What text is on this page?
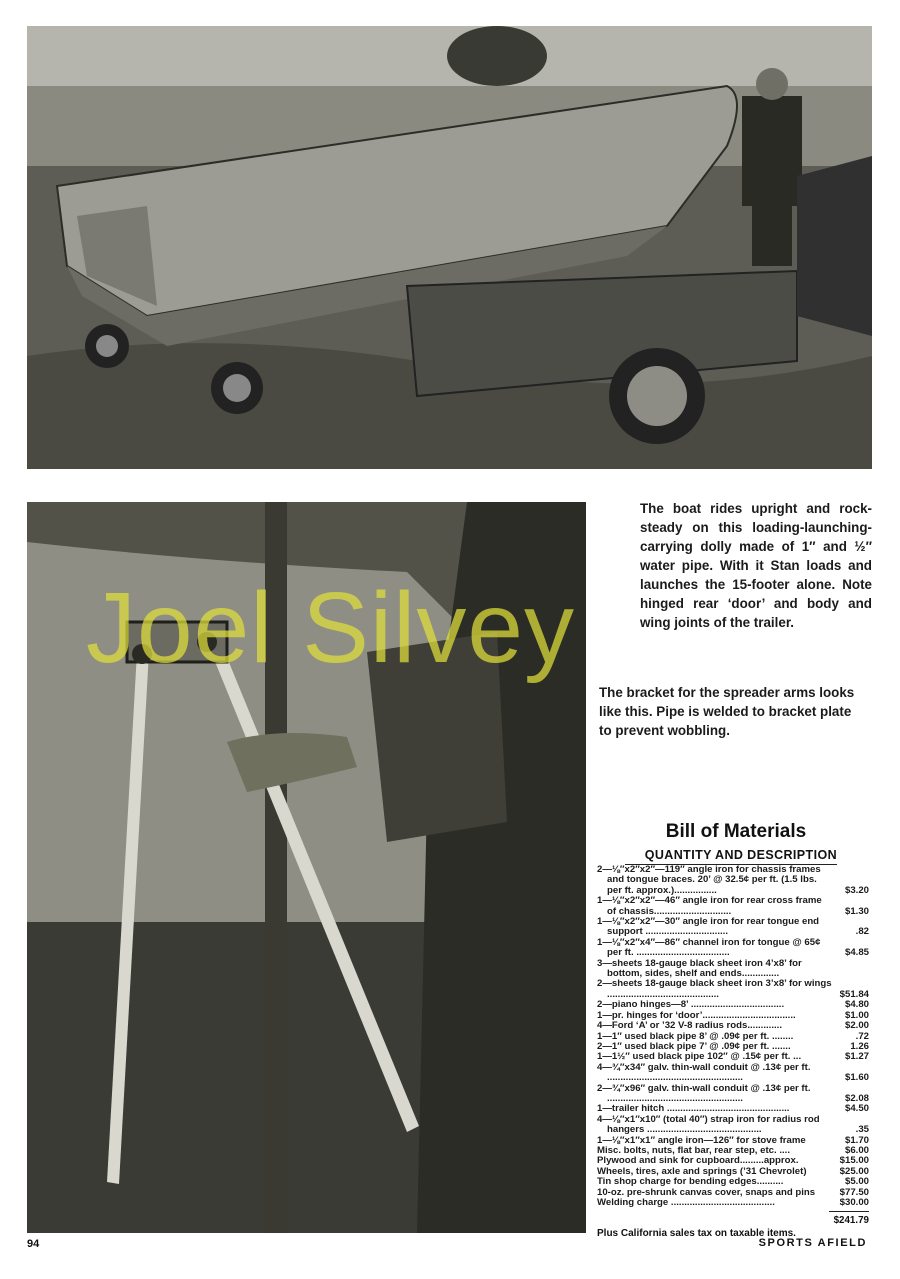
Joel Silvey
The boat rides upright and rock-steady on this loading-launching-carrying dolly made of 1″ and ½″ water pipe. With it Stan loads and launches the 15-footer alone. Note hinged rear ‘door’ and body and wing joints of the trailer.
The bracket for the spreader arms looks like this. Pipe is welded to bracket plate to prevent wobbling.
Bill of Materials
QUANTITY AND DESCRIPTION
2—⅛″x2″x2″—119″ angle iron for chassis frames and tongue braces. 20’ @ 32.5¢ per ft. (1.5 lbs. per ft. approx.)................	$3.20
1—⅛″x2″x2″—46″ angle iron for rear cross frame of chassis.............................	$1.30
1—⅛″x2″x2″—30″ angle iron for rear tongue end support ...............................	.82
1—⅛″x2″x4″—86″ channel iron for tongue @ 65¢ per ft. ...................................	$4.85
3—sheets 18-gauge black sheet iron 4’x8’ for bottom, sides, shelf and ends..............
2—sheets 18-gauge black sheet iron 3’x8’ for wings ..........................................	$51.84
2—piano hinges—8’ ...................................	$4.80
1—pr. hinges for ‘door’...................................	$1.00
4—Ford ‘A’ or ’32 V-8 radius rods.............	$2.00
1—1″ used black pipe 8’ @ .09¢ per ft. ........	.72
2—1″ used black pipe 7’ @ .09¢ per ft. .......	1.26
1—1½″ used black pipe 102″ @ .15¢ per ft. ...	$1.27
4—¾″x34″ galv. thin-wall conduit @ .13¢ per ft. ...................................................	$1.60
2—¾″x96″ galv. thin-wall conduit @ .13¢ per ft. ...................................................	$2.08
1—trailer hitch ..............................................	$4.50
4—⅛″x1″x10″ (total 40″) strap iron for radius rod hangers ...........................................	.35
1—⅛″x1″x1″ angle iron—126″ for stove frame	$1.70
Misc. bolts, nuts, flat bar, rear step, etc. ....	$6.00
Plywood and sink for cupboard.........approx.	$15.00
Wheels, tires, axle and springs (’31 Chevrolet)	$25.00
Tin shop charge for bending edges..........	$5.00
10-oz. pre-shrunk canvas cover, snaps and pins	$77.50
Welding charge .......................................	$30.00
$241.79
Plus California sales tax on taxable items.
94	SPORTS AFIELD
